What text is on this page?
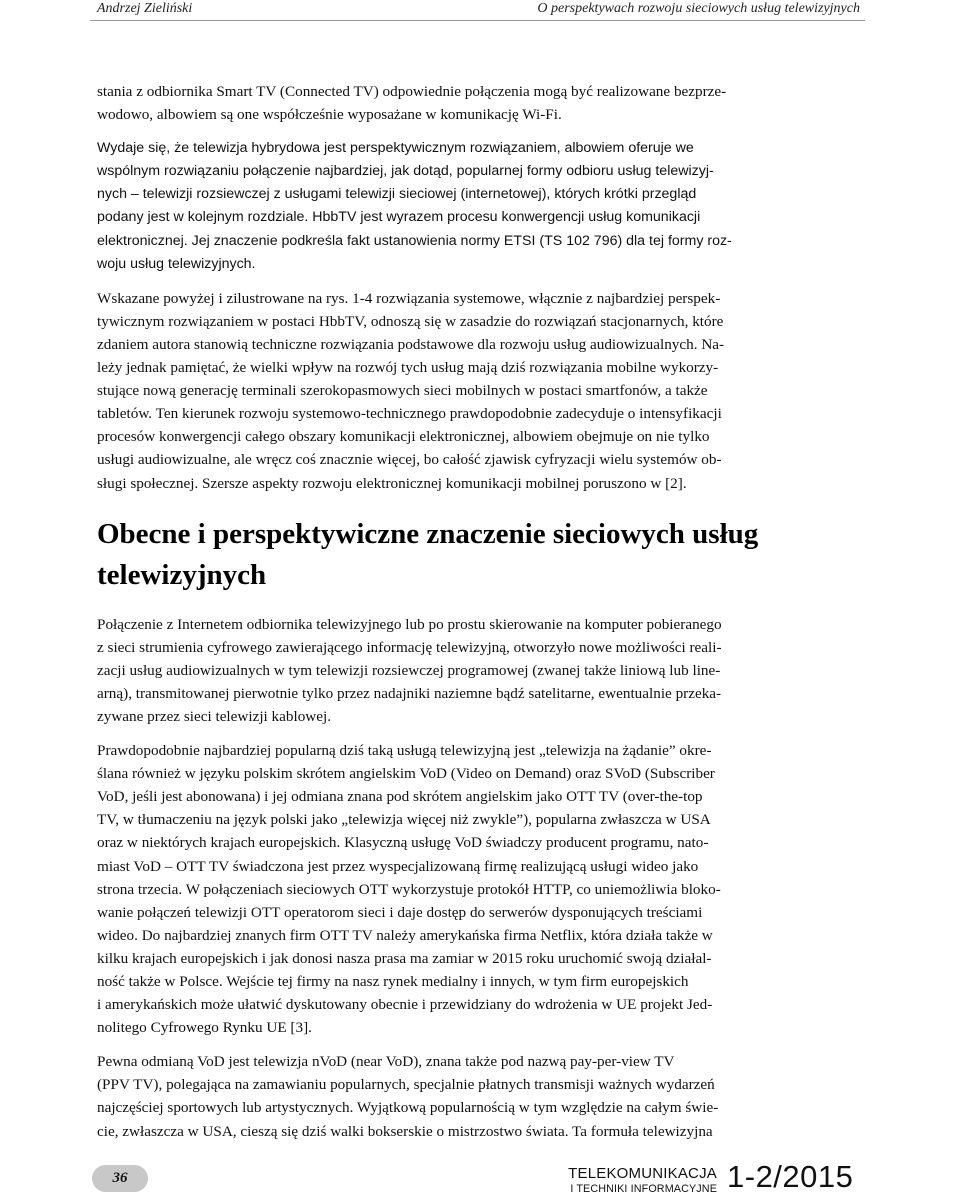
Andrzej Zieliński	O perspektywach rozwoju sieciowych usług telewizyjnych
stania z odbiornika Smart TV (Connected TV) odpowiednie połączenia mogą być realizowane bezprze-
wodowo, albowiem są one współcześnie wyposażane w komunikację Wi-Fi.
Wydaje się, że telewizja hybrydowa jest perspektywicznym rozwiązaniem, albowiem oferuje we
wspólnym rozwiązaniu połączenie najbardziej, jak dotąd, popularnej formy odbioru usług telewizyj-
nych – telewizji rozsiewczej z usługami telewizji sieciowej (internetowej), których krótki przegląd
podany jest w kolejnym rozdziale. HbbTV jest wyrazem procesu konwergencji usług komunikacji
elektronicznej. Jej znaczenie podkreśla fakt ustanowienia normy ETSI (TS 102 796) dla tej formy roz-
woju usług telewizyjnych.
Wskazane powyżej i zilustrowane na rys. 1-4 rozwiązania systemowe, włącznie z najbardziej perspek-
tywicznym rozwiązaniem w postaci HbbTV, odnoszą się w zasadzie do rozwiązań stacjonarnych, które
zdaniem autora stanowią techniczne rozwiązania podstawowe dla rozwoju usług audiowizualnych. Na-
leży jednak pamiętać, że wielki wpływ na rozwój tych usług mają dziś rozwiązania mobilne wykorzy-
stujące nową generację terminali szerokopasmowych sieci mobilnych w postaci smartfonów, a także
tabletów. Ten kierunek rozwoju systemowo-technicznego prawdopodobnie zadecyduje o intensyfikacji
procesów konwergencji całego obszary komunikacji elektronicznej, albowiem obejmuje on nie tylko
usługi audiowizualne, ale wręcz coś znacznie więcej, bo całość zjawisk cyfryzacji wielu systemów ob-
sługi społecznej. Szersze aspekty rozwoju elektronicznej komunikacji mobilnej poruszono w [2].
Obecne i perspektywiczne znaczenie sieciowych usług
telewizyjnych
Połączenie z Internetem odbiornika telewizyjnego lub po prostu skierowanie na komputer pobieranego
z sieci strumienia cyfrowego zawierającego informację telewizyjną, otworzyło nowe możliwości reali-
zacji usług audiowizualnych w tym telewizji rozsiewczej programowej (zwanej także liniową lub line-
arną), transmitowanej pierwotnie tylko przez nadajniki naziemne bądź satelitarne, ewentualnie przeka-
zywane przez sieci telewizji kablowej.
Prawdopodobnie najbardziej popularną dziś taką usługą telewizyjną jest „telewizja na żądanie” okre-
ślana również w języku polskim skrótem angielskim VoD (Video on Demand) oraz SVoD (Subscriber
VoD, jeśli jest abonowana) i jej odmiana znana pod skrótem angielskim jako OTT TV (over-the-top
TV, w tłumaczeniu na język polski jako „telewizja więcej niż zwykle”), popularna zwłaszcza w USA
oraz w niektórych krajach europejskich. Klasyczną usługę VoD świadczy producent programu, nato-
miast VoD – OTT TV świadczona jest przez wyspecjalizowaną firmę realizującą usługi wideo jako
strona trzecia. W połączeniach sieciowych OTT wykorzystuje protokół HTTP, co uniemożliwia bloko-
wanie połączeń telewizji OTT operatorom sieci i daje dostęp do serwerów dysponujących treściami
wideo. Do najbardziej znanych firm OTT TV należy amerykańska firma Netflix, która działa także w
kilku krajach europejskich i jak donosi nasza prasa ma zamiar w 2015 roku uruchomić swoją działal-
ność także w Polsce. Wejście tej firmy na nasz rynek medialny i innych, w tym firm europejskich
i amerykańskich może ułatwić dyskutowany obecnie i przewidziany do wdrożenia w UE projekt Jed-
nolitego Cyfrowego Rynku UE [3].
Pewna odmianą VoD jest telewizja nVoD (near VoD), znana także pod nazwą pay-per-view TV
(PPV TV), polegająca na zamawianiu popularnych, specjalnie płatnych transmisji ważnych wydarzeń
najczęściej sportowych lub artystycznych. Wyjątkową popularnością w tym względzie na całym świe-
cie, zwłaszcza w USA, cieszą się dziś walki bokserskie o mistrzostwo świata. Ta formuła telewizyjna
36	TELEKOMUNIKACJA
I TECHNIKI INFORMACYJNE 1-2/2015
